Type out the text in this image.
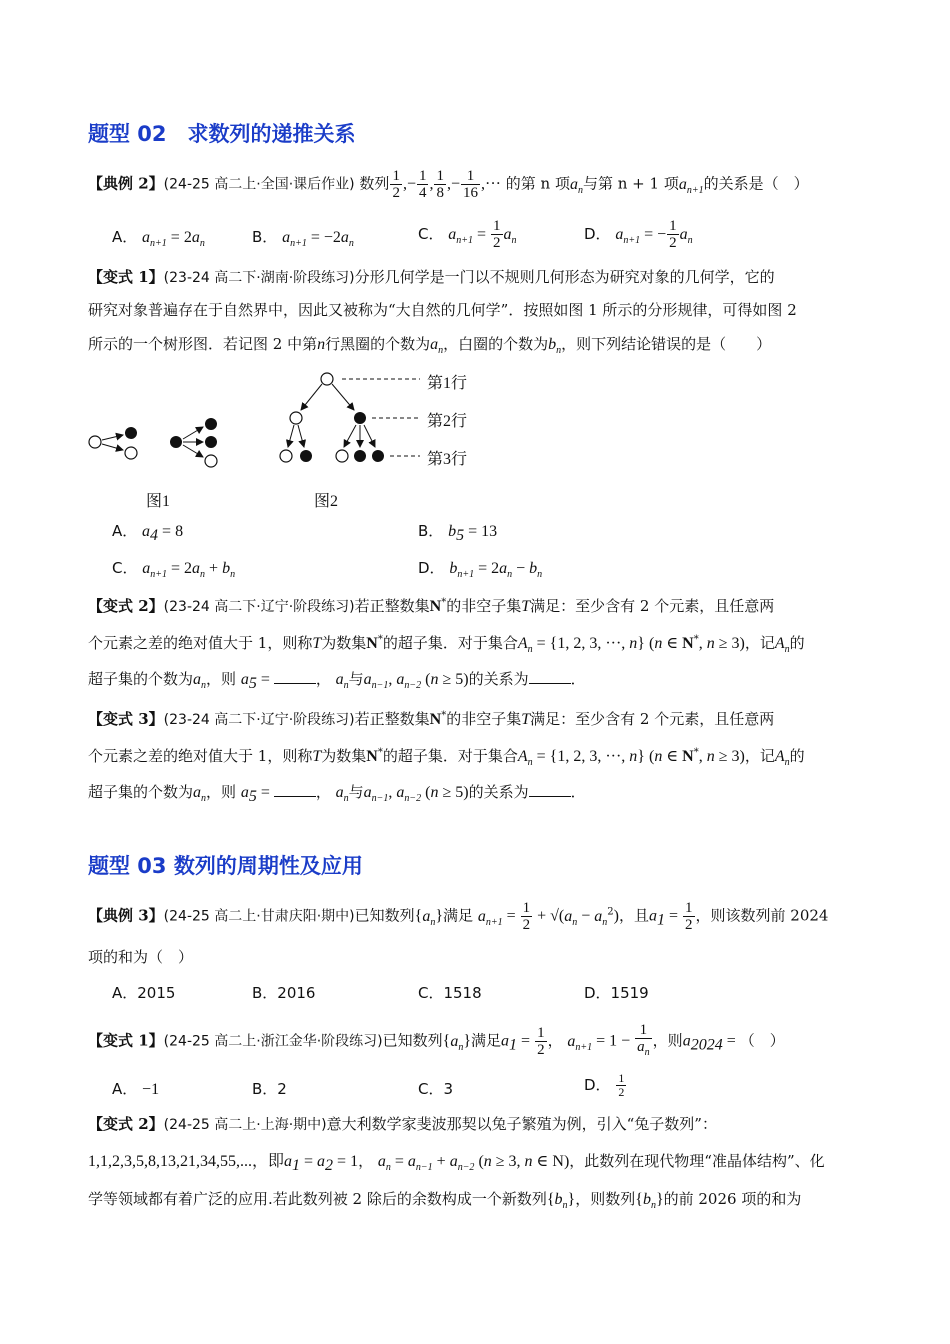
题型 02　求数列的递推关系
【典例 2】(24-25 高二上·全国·课后作业) 数列 $\frac{1}{2}$ ,− $\frac{1}{4}$ , $\frac{1}{8}$ ,− $\frac{1}{16}$ ,··· 的第 n 项$a_n$与第 n + 1 项$a_{n+1}$的关系是（　）
A． $a_{n+1} = 2a_n$	B． $a_{n+1} = -2a_n$
C． $a_{n+1} = \frac{1}{2} a_n$	D． $a_{n+1}$ = − $\frac{1}{2} a_n$
【变式 1】(23-24 高二下·湖南·阶段练习)分形几何学是一门以不规则几何形态为研究对象的几何学，它的
研究对象普遍存在于自然界中，因此又被称为“大自然的几何学”．按照如图 1 所示的分形规律，可得如图 2
所示的一个树形图．若记图 2 中第n行黑圈的个数为$a_n$，白圈的个数为$b_n$，则下列结论错误的是（　　）
第1行
第2行
第3行
图1	图2
A． $a_4 = 8$	B． $b_5 = 13$
C． $a_{n+1} = 2a_n + b_n$	D． $b_{n+1} = 2a_n - b_n$
【变式 2】(23-24 高二下·辽宁·阶段练习)若正整数集N*的非空子集T满足：至少含有 2 个元素，且任意两
个元素之差的绝对值大于 1，则称T为数集N*的超子集．对于集合$A_n = \{1$, 2, 3, ···, n} (n ∈ N*, n ≥ 3)，记$A_n$的
超子集的个数为$a_n$，则 $a_5$ =	， $a_n$与$a_{n-1}$, $a_{n-2}$ (n ≥ 5)的关系为	．
【变式 3】(23-24 高二下·辽宁·阶段练习)若正整数集N*的非空子集T满足：至少含有 2 个元素，且任意两
个元素之差的绝对值大于 1，则称T为数集N*的超子集．对于集合$A_n = \{1$, 2, 3, ···, n} (n ∈ N*, n ≥ 3)，记$A_n$的
超子集的个数为$a_n$，则 $a_5$ =	， $a_n$与$a_{n-1}$, $a_{n-2}$ (n ≥ 5)的关系为	．
题型 03 数列的周期性及应用
【典例 3】(24-25 高二上·甘肃庆阳·期中)已知数列$\{a_n\}$满足 $a_{n+1} = \frac{1}{2} + √(a_n - a_n^2)$，且$a_1 = \frac{1}{2}$ ，则该数列前 2024
项的和为（　）
A．2015	B．2016	C．1518	D．1519
【变式 1】(24-25 高二上·浙江金华·阶段练习)已知数列$\{a_n\}$满足$a_1 = \frac{1}{2}$ ， $a_{n+1} = 1 - \frac{1}{a_n}$ ，则$a_{2024}$ = （　）
A． −1	B．2	C．3	D． $\frac{1}{2}$
【变式 2】(24-25 高二上·上海·期中)意大利数学家斐波那契以兔子繁殖为例，引入“兔子数列”：
1,1,2,3,5,8,13,21,34,55,...，即$a_1 = a_2 = 1$， $a_n = a_{n-1} + a_{n-2}$ (n ≥ 3, n ∈ N)，此数列在现代物理“准晶体结构”、化
学等领域都有着广泛的应用.若此数列被 2 除后的余数构成一个新数列$\{b_n\}$，则数列$\{b_n\}$的前 2026 项的和为
